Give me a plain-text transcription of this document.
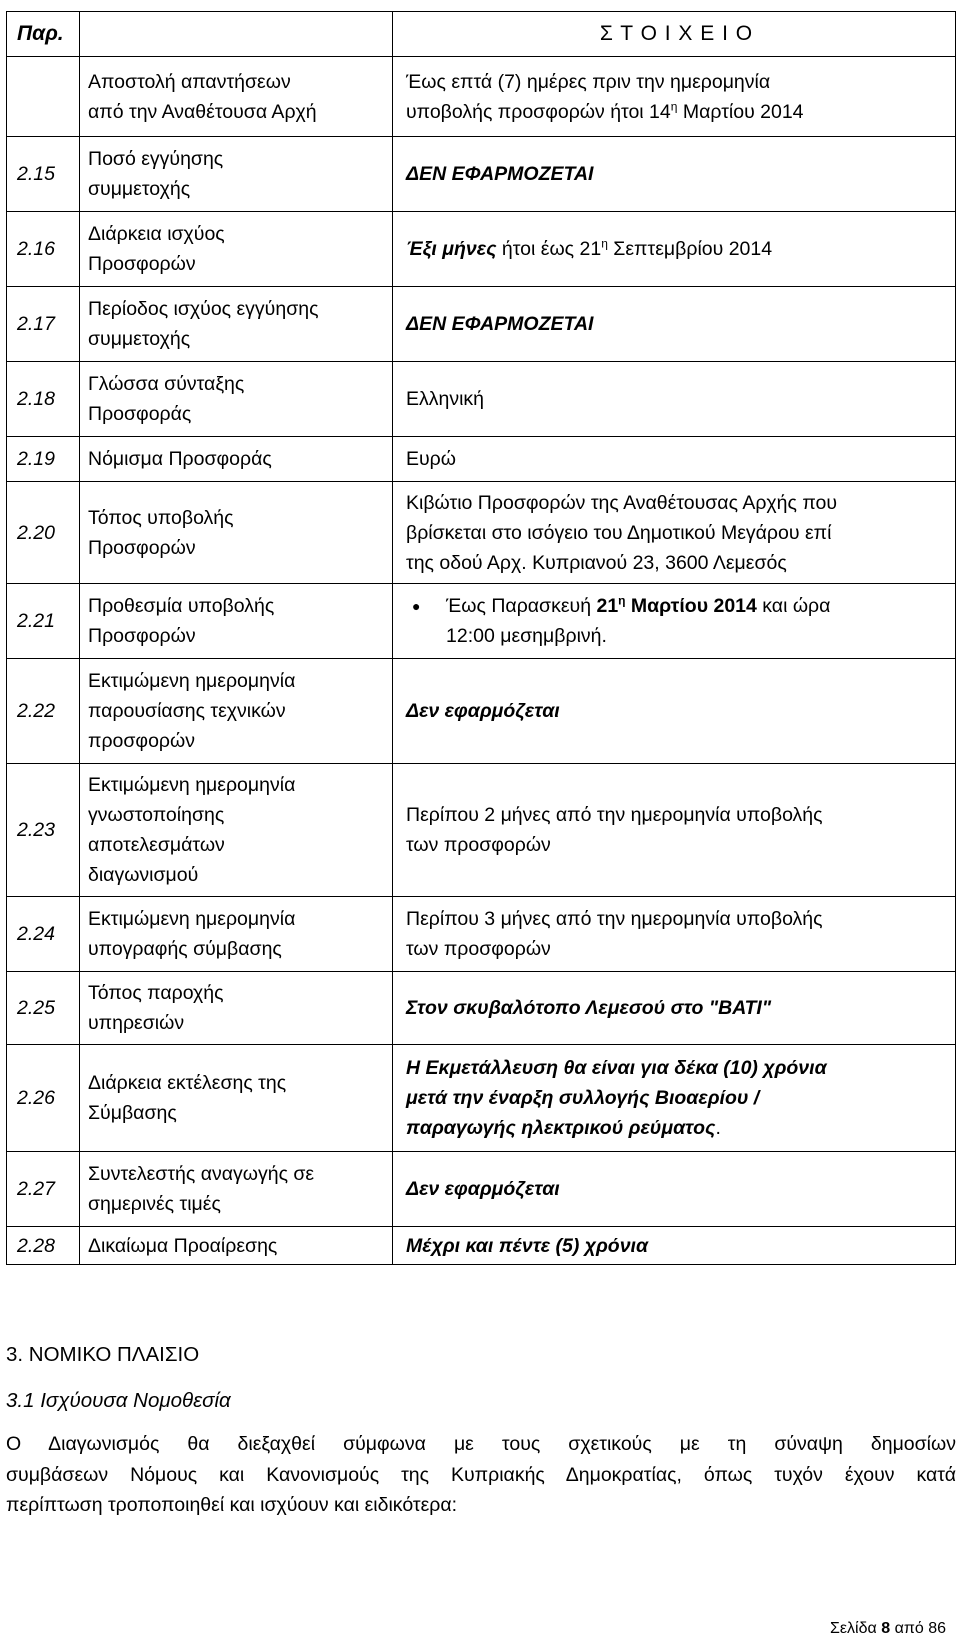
Παρ.		Σ Τ Ο Ι Χ Ε Ι Ο
	Αποστολή απαντήσεων
από την Αναθέτουσα Αρχή	Έως επτά (7) ημέρες πριν την ημερομηνία
υποβολής προσφορών ήτοι $14^\eta$ Μαρτίου 2014
2.15	Ποσό εγγύησης
συμμετοχής	ΔΕΝ ΕΦΑΡΜΟΖΕΤΑΙ
2.16	Διάρκεια ισχύος
Προσφορών	Έξι μήνες ήτοι έως $21^\eta$ Σεπτεμβρίου 2014
2.17	Περίοδος ισχύος εγγύησης
συμμετοχής	ΔΕΝ ΕΦΑΡΜΟΖΕΤΑΙ
2.18	Γλώσσα σύνταξης
Προσφοράς	Ελληνική
2.19	Νόμισμα Προσφοράς	Ευρώ
2.20	Τόπος υποβολής
Προσφορών	Κιβώτιο Προσφορών της Αναθέτουσας Αρχής που
βρίσκεται στο ισόγειο του Δημοτικού Μεγάρου επί
της οδού Αρχ. Κυπριανού 23, 3600 Λεμεσός
2.21	Προθεσμία υποβολής
Προσφορών	● Έως Παρασκευή $21^\eta$ Μαρτίου 2014 και ώρα
12:00 μεσημβρινή.

2.22	Εκτιμώμενη ημερομηνία
παρουσίασης τεχνικών
προσφορών	Δεν εφαρμόζεται
2.23	Εκτιμώμενη ημερομηνία
γνωστοποίησης
αποτελεσμάτων
διαγωνισμού	Περίπου 2 μήνες από την ημερομηνία υποβολής
των προσφορών
2.24	Εκτιμώμενη ημερομηνία
υπογραφής σύμβασης	Περίπου 3 μήνες από την ημερομηνία υποβολής
των προσφορών
2.25	Τόπος παροχής
υπηρεσιών	Στον σκυβαλότοπο Λεμεσού στο "ΒΑΤΙ"
2.26	Διάρκεια εκτέλεσης της
Σύμβασης	Η Εκμετάλλευση θα είναι για δέκα (10) χρόνια
μετά την έναρξη συλλογής Βιοαερίου /
παραγωγής ηλεκτρικού ρεύματος.
2.27	Συντελεστής αναγωγής σε
σημερινές τιμές	Δεν εφαρμόζεται
2.28	Δικαίωμα Προαίρεσης	Μέχρι και πέντε (5) χρόνια
3. ΝΟΜΙΚΟ ΠΛΑΙΣΙΟ
3.1 Ισχύουσα Νομοθεσία
Ο Διαγωνισμός θα διεξαχθεί σύμφωνα με τους σχετικούς με τη σύναψη δημοσίων
συμβάσεων Νόμους και Κανονισμούς της Κυπριακής Δημοκρατίας, όπως τυχόν έχουν κατά
περίπτωση τροποποιηθεί και ισχύουν και ειδικότερα:
Σελίδα 8 από 86
